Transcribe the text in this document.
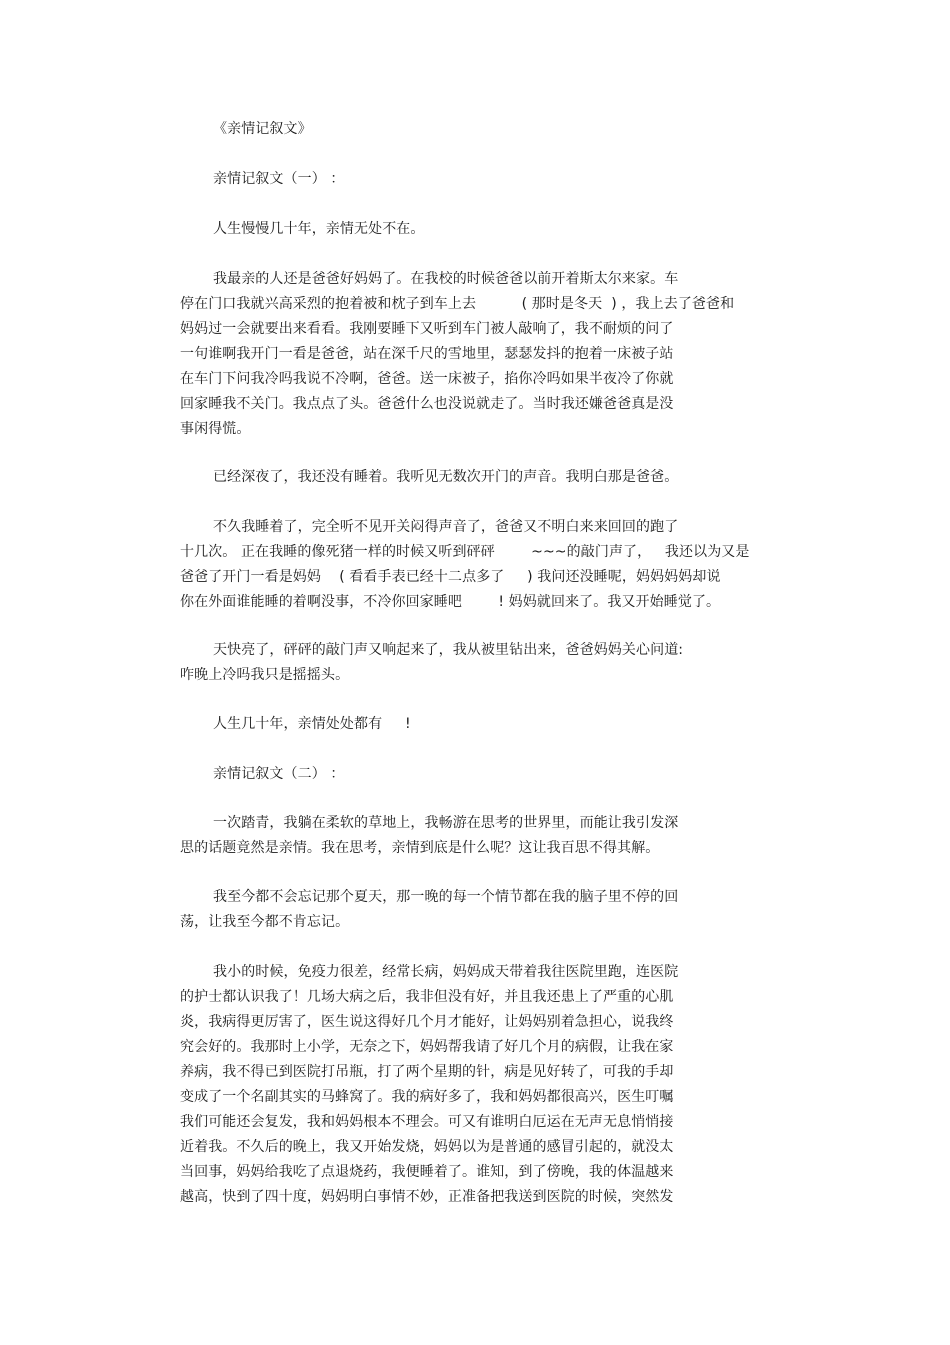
《亲情记叙文》

亲情记叙文（一） ：

人生慢慢几十年，亲情无处不在。

我最亲的人还是爸爸好妈妈了。在我校的时候爸爸以前开着斯太尔来家。车
停在门口我就兴高采烈的抱着被和枕子到车上去          ( 那时是冬天  ) ，我上去了爸爸和
妈妈过一会就要出来看看。我刚要睡下又听到车门被人敲响了，我不耐烦的问了
一句谁啊我开门一看是爸爸，站在深千尺的雪地里，瑟瑟发抖的抱着一床被子站
在车门下问我冷吗我说不冷啊，爸爸。送一床被子，掐你冷吗如果半夜冷了你就
回家睡我不关门。我点点了头。爸爸什么也没说就走了。当时我还嫌爸爸真是没
事闲得慌。

已经深夜了，我还没有睡着。我听见无数次开门的声音。我明白那是爸爸。

不久我睡着了，完全听不见开关闷得声音了，爸爸又不明白来来回回的跑了
十几次。 正在我睡的像死猪一样的时候又听到砰砰        ~~~的敲门声了，   我还以为又是
爸爸了开门一看是妈妈    ( 看看手表已经十二点多了     ) 我问还没睡呢，妈妈妈妈却说
你在外面谁能睡的着啊没事，不冷你回家睡吧        ! 妈妈就回来了。我又开始睡觉了。

天快亮了，砰砰的敲门声又响起来了，我从被里钻出来，爸爸妈妈关心问道:
咋晚上冷吗我只是摇摇头。

人生几十年，亲情处处都有     !

亲情记叙文（二） ：

一次踏青，我躺在柔软的草地上，我畅游在思考的世界里，而能让我引发深
思的话题竟然是亲情。我在思考，亲情到底是什么呢？这让我百思不得其解。

我至今都不会忘记那个夏天，那一晚的每一个情节都在我的脑子里不停的回
荡，让我至今都不肯忘记。

我小的时候，免疫力很差，经常长病，妈妈成天带着我往医院里跑，连医院
的护士都认识我了！几场大病之后，我非但没有好，并且我还患上了严重的心肌
炎，我病得更厉害了，医生说这得好几个月才能好，让妈妈别着急担心，说我终
究会好的。我那时上小学，无奈之下，妈妈帮我请了好几个月的病假，让我在家
养病，我不得已到医院打吊瓶，打了两个星期的针，病是见好转了，可我的手却
变成了一个名副其实的马蜂窝了。我的病好多了，我和妈妈都很高兴，医生叮嘱
我们可能还会复发，我和妈妈根本不理会。可又有谁明白厄运在无声无息悄悄接
近着我。不久后的晚上，我又开始发烧，妈妈以为是普通的感冒引起的，就没太
当回事，妈妈给我吃了点退烧药，我便睡着了。谁知，到了傍晚，我的体温越来
越高，快到了四十度，妈妈明白事情不妙，正准备把我送到医院的时候，突然发
